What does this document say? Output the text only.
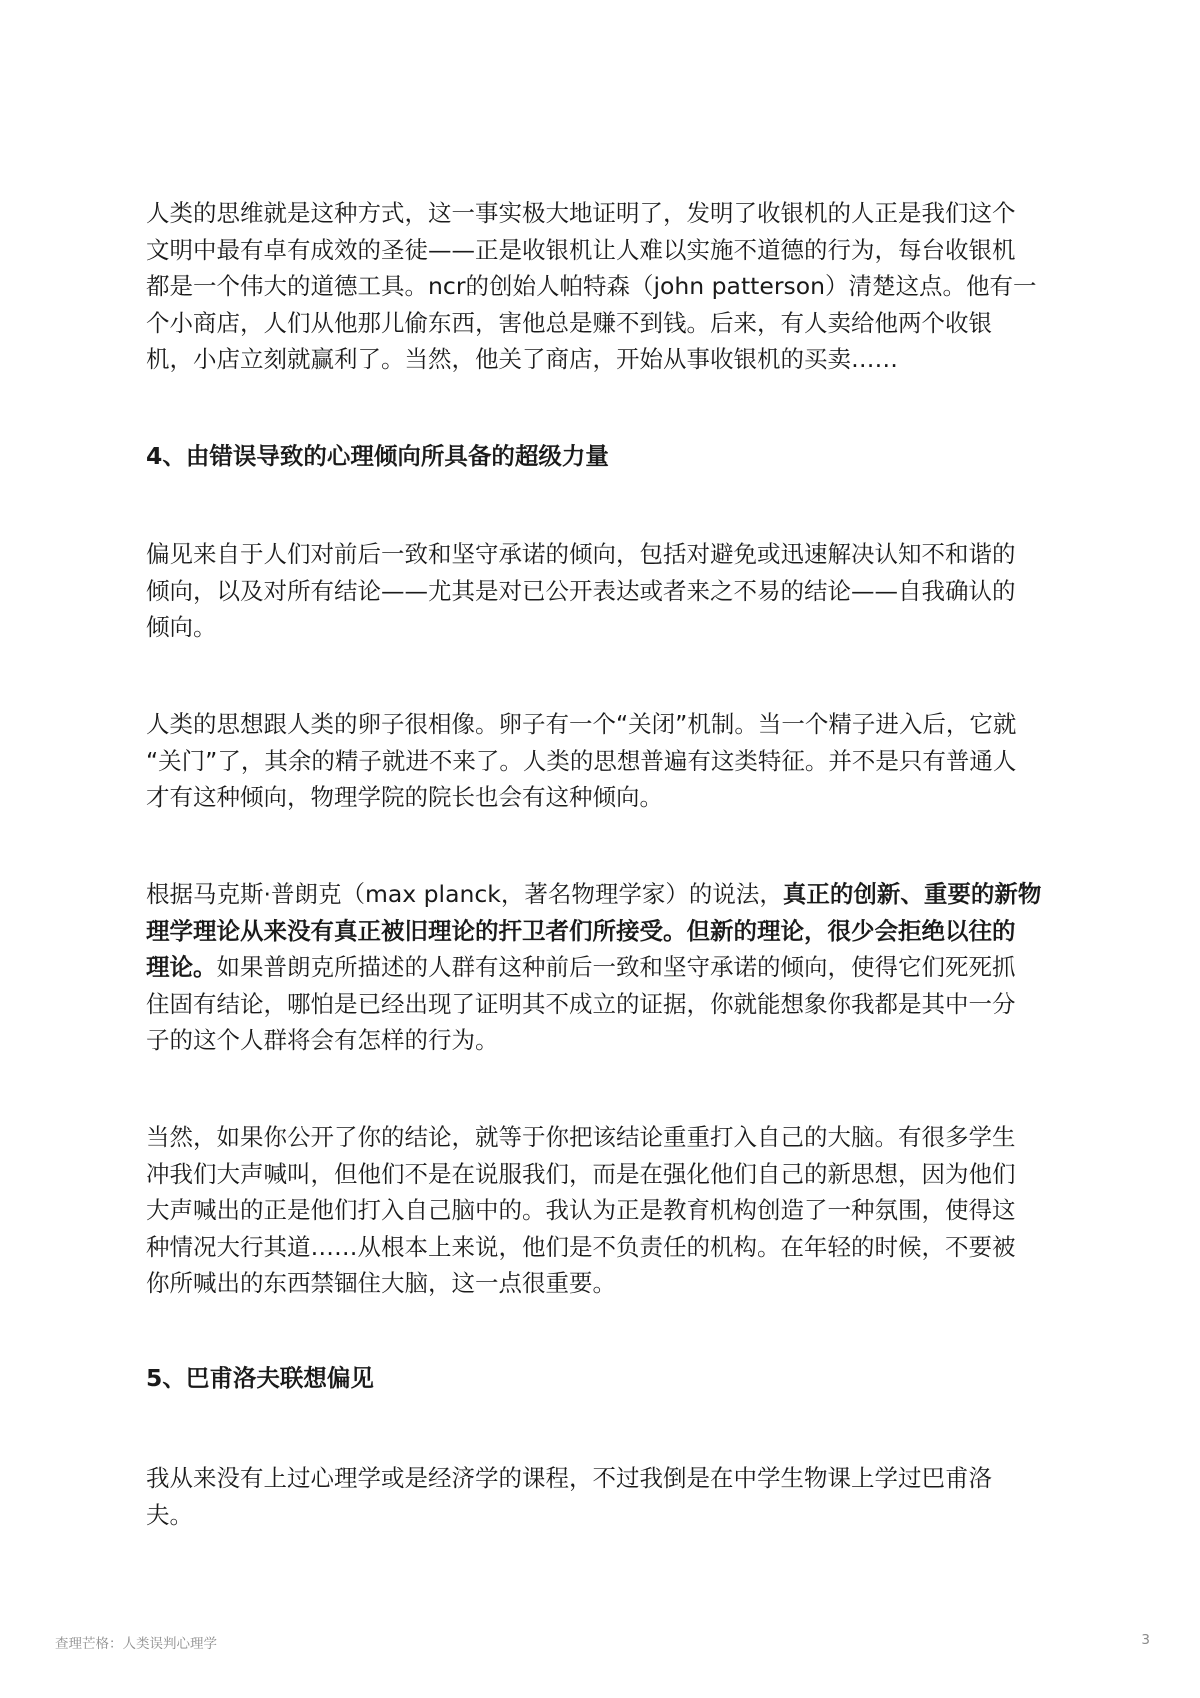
人类的思维就是这种方式，这一事实极大地证明了，发明了收银机的人正是我们这个
文明中最有卓有成效的圣徒——正是收银机让人难以实施不道德的行为，每台收银机
都是一个伟大的道德工具。ncr的创始人帕特森（john patterson）清楚这点。他有一
个小商店，人们从他那儿偷东西，害他总是赚不到钱。后来，有人卖给他两个收银
机，小店立刻就赢利了。当然，他关了商店，开始从事收银机的买卖……
4、由错误导致的心理倾向所具备的超级力量
偏见来自于人们对前后一致和坚守承诺的倾向，包括对避免或迅速解决认知不和谐的
倾向，以及对所有结论——尤其是对已公开表达或者来之不易的结论——自我确认的
倾向。
人类的思想跟人类的卵子很相像。卵子有一个“关闭”机制。当一个精子进入后，它就
“关门”了，其余的精子就进不来了。人类的思想普遍有这类特征。并不是只有普通人
才有这种倾向，物理学院的院长也会有这种倾向。
根据马克斯·普朗克（max planck，著名物理学家）的说法，真正的创新、重要的新物
理学理论从来没有真正被旧理论的扞卫者们所接受。但新的理论，很少会拒绝以往的
理论。如果普朗克所描述的人群有这种前后一致和坚守承诺的倾向，使得它们死死抓
住固有结论，哪怕是已经出现了证明其不成立的证据，你就能想象你我都是其中一分
子的这个人群将会有怎样的行为。
当然，如果你公开了你的结论，就等于你把该结论重重打入自己的大脑。有很多学生
冲我们大声喊叫，但他们不是在说服我们，而是在强化他们自己的新思想，因为他们
大声喊出的正是他们打入自己脑中的。我认为正是教育机构创造了一种氛围，使得这
种情况大行其道……从根本上来说，他们是不负责任的机构。在年轻的时候，不要被
你所喊出的东西禁锢住大脑，这一点很重要。
5、巴甫洛夫联想偏见
我从来没有上过心理学或是经济学的课程，不过我倒是在中学生物课上学过巴甫洛
夫。
查理芒格：人类误判心理学	3
